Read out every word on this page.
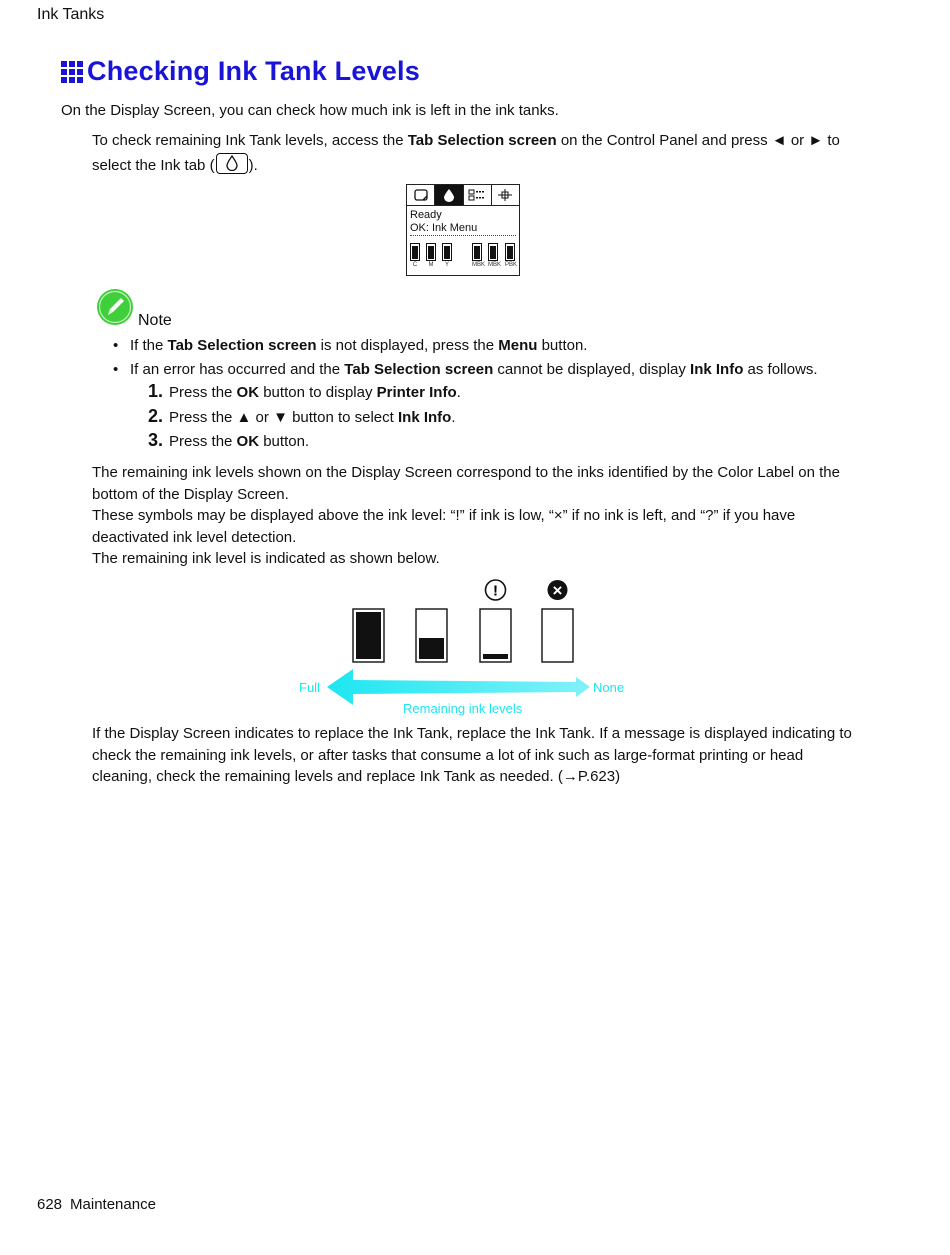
Ink Tanks
Checking Ink Tank Levels
On the Display Screen, you can check how much ink is left in the ink tanks.
To check remaining Ink Tank levels, access the Tab Selection screen on the Control Panel and press ◄ or ► to select the Ink tab ( ).
Ready
OK: Ink Menu
C	M	Y	MBK MBK PBK
Note
• If the Tab Selection screen is not displayed, press the Menu button.
• If an error has occurred and the Tab Selection screen cannot be displayed, display Ink Info as follows.
1. Press the OK button to display Printer Info.
2. Press the ▲ or ▼ button to select Ink Info.
3. Press the OK button.
The remaining ink levels shown on the Display Screen correspond to the inks identified by the Color Label on the bottom of the Display Screen.
These symbols may be displayed above the ink level: “!” if ink is low, “×” if no ink is left, and “?” if you have deactivated ink level detection.
The remaining ink level is indicated as shown below.
!	×
Full	None
Remaining ink levels
If the Display Screen indicates to replace the Ink Tank, replace the Ink Tank. If a message is displayed indicating to check the remaining ink levels, or after tasks that consume a lot of ink such as large-format printing or head cleaning, check the remaining levels and replace Ink Tank as needed. (→P.623)
628 Maintenance
